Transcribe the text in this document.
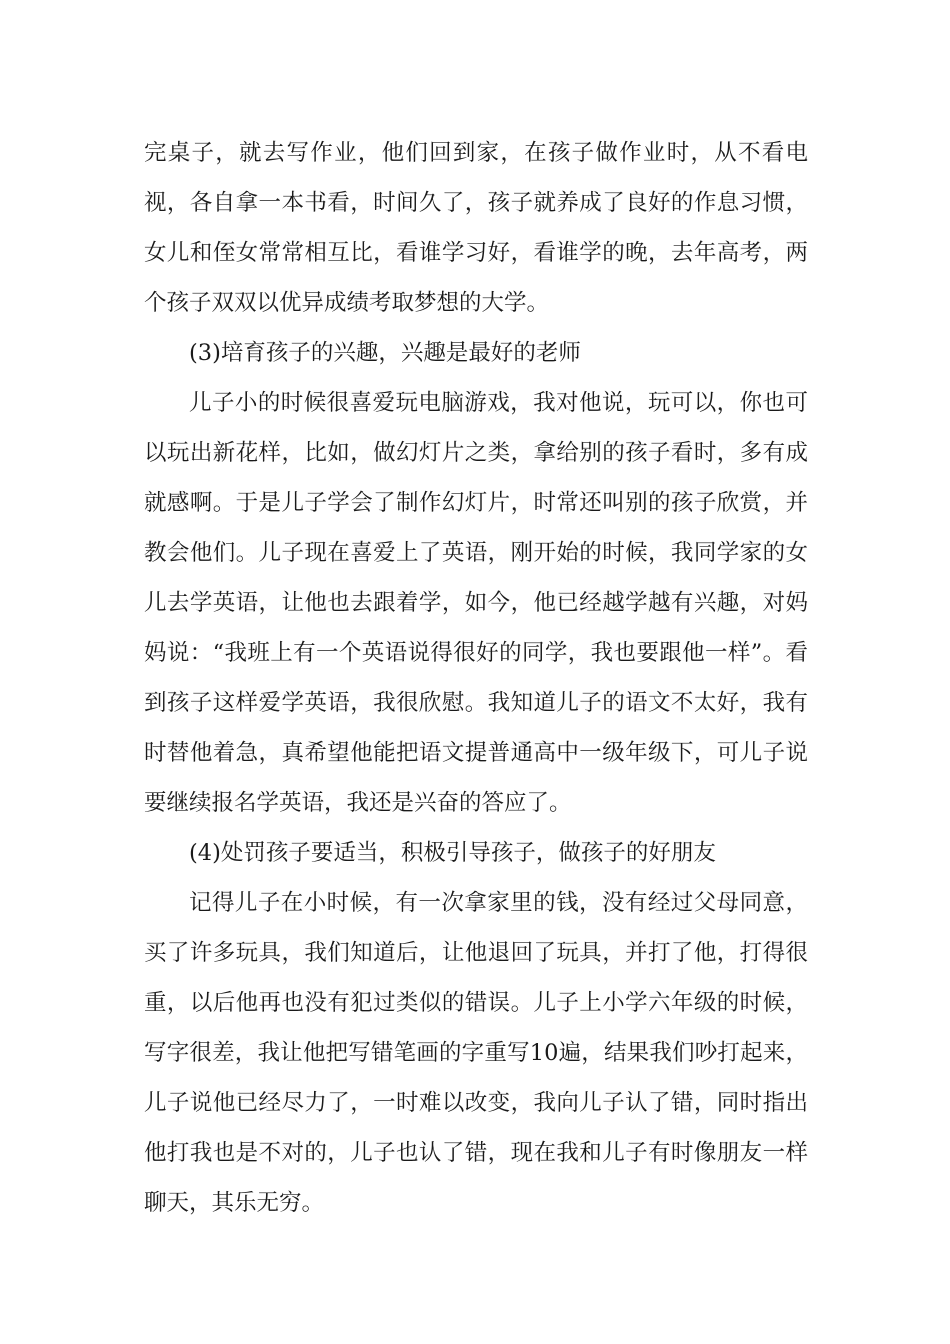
完桌子，就去写作业，他们回到家，在孩子做作业时，从不看电视，各自拿一本书看，时间久了，孩子就养成了良好的作息习惯，女儿和侄女常常相互比，看谁学习好，看谁学的晚，去年高考，两个孩子双双以优异成绩考取梦想的大学。

(3)培育孩子的兴趣，兴趣是最好的老师

儿子小的时候很喜爱玩电脑游戏，我对他说，玩可以，你也可以玩出新花样，比如，做幻灯片之类，拿给别的孩子看时，多有成就感啊。于是儿子学会了制作幻灯片，时常还叫别的孩子欣赏，并教会他们。儿子现在喜爱上了英语，刚开始的时候，我同学家的女儿去学英语，让他也去跟着学，如今，他已经越学越有兴趣，对妈妈说：“我班上有一个英语说得很好的同学，我也要跟他一样”。看到孩子这样爱学英语，我很欣慰。我知道儿子的语文不太好，我有时替他着急，真希望他能把语文提普通高中一级年级下，可儿子说要继续报名学英语，我还是兴奋的答应了。

(4)处罚孩子要适当，积极引导孩子，做孩子的好朋友

记得儿子在小时候，有一次拿家里的钱，没有经过父母同意，买了许多玩具，我们知道后，让他退回了玩具，并打了他，打得很重，以后他再也没有犯过类似的错误。儿子上小学六年级的时候，写字很差，我让他把写错笔画的字重写10遍，结果我们吵打起来，儿子说他已经尽力了，一时难以改变，我向儿子认了错，同时指出他打我也是不对的，儿子也认了错，现在我和儿子有时像朋友一样聊天，其乐无穷。
